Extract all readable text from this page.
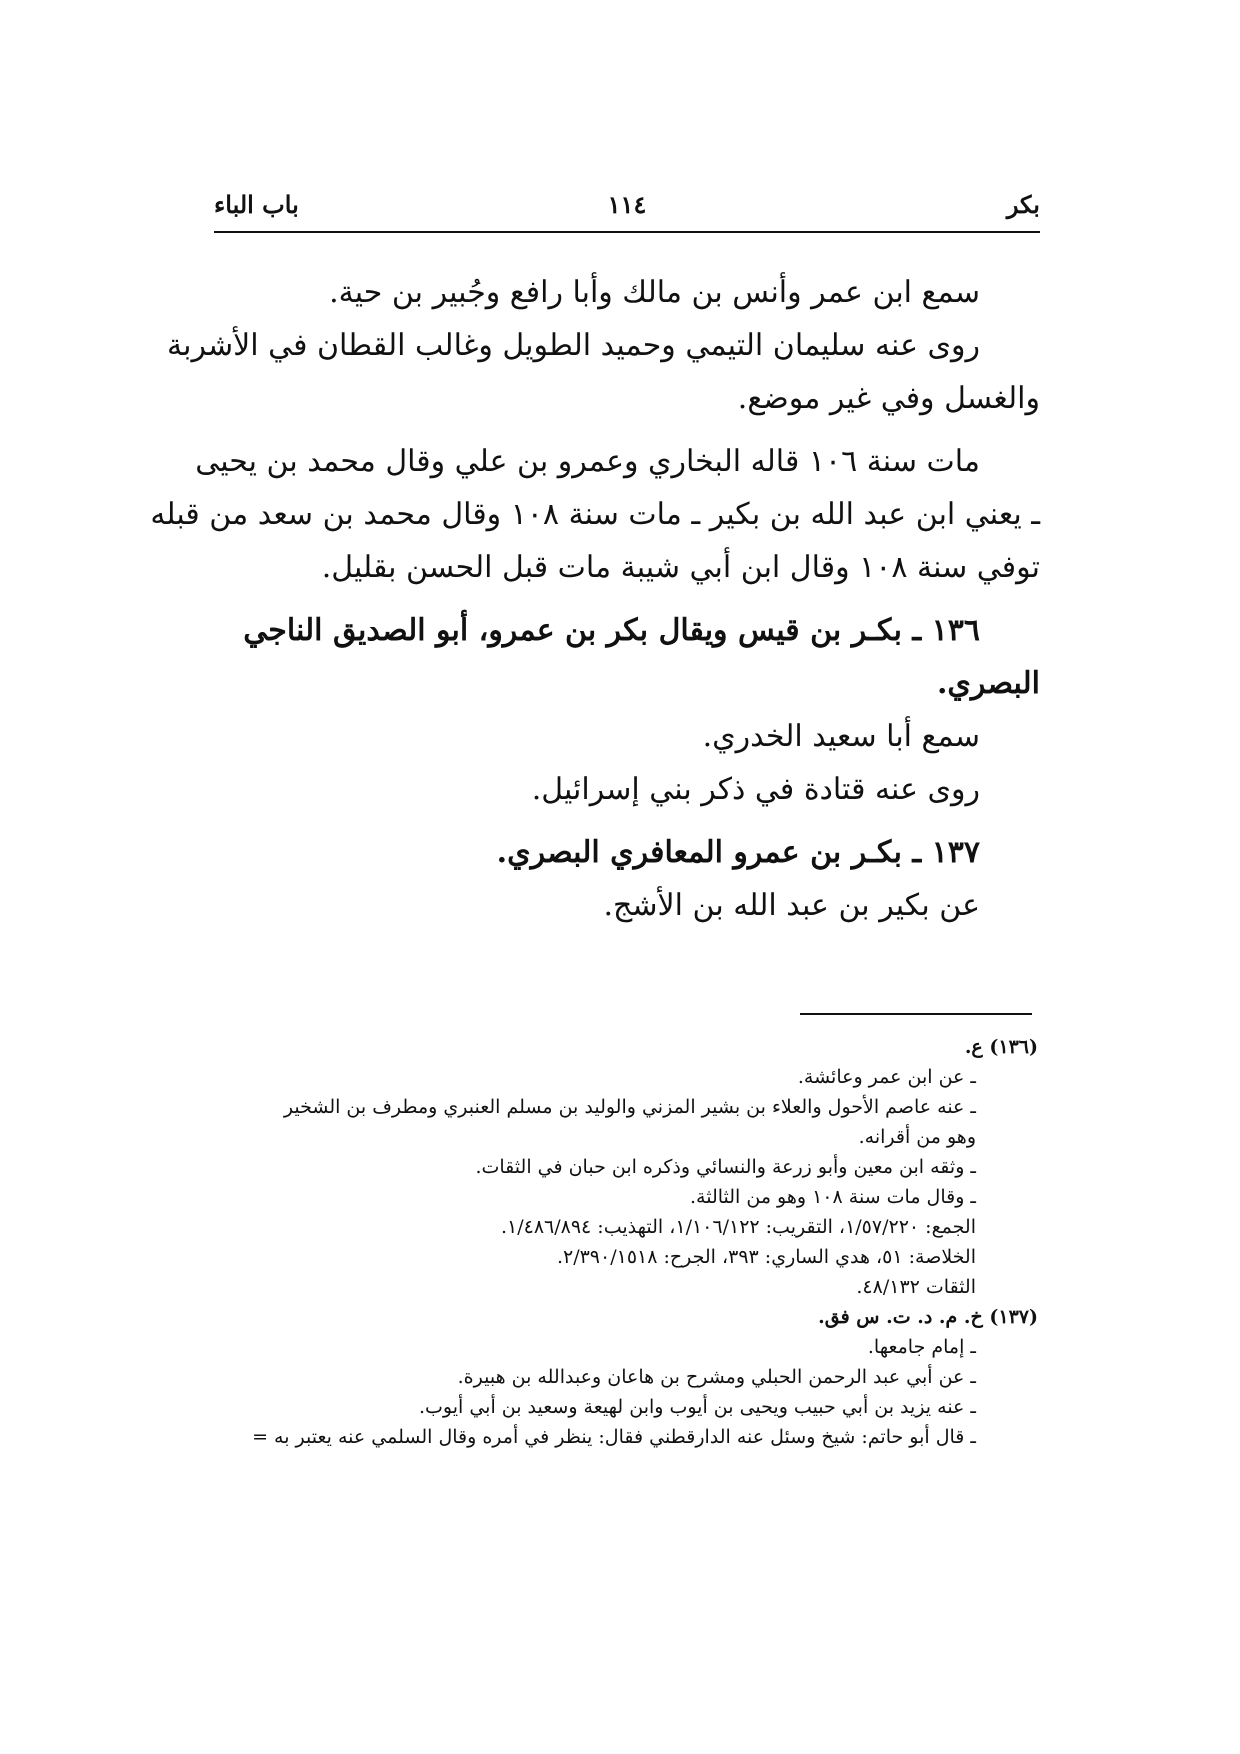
بكر
١١٤
باب الباء

سمع ابن عمر وأنس بن مالك وأبا رافع وجُبير بن حية.

روى عنه سليمان التيمي وحميد الطويل وغالب القطان في الأشربة

والغسل وفي غير موضع.

مات سنة ١٠٦ قاله البخاري وعمرو بن علي وقال محمد بن يحيى

ـ يعني ابن عبد الله بن بكير ـ مات سنة ١٠٨ وقال محمد بن سعد من قبله

توفي سنة ١٠٨ وقال ابن أبي شيبة مات قبل الحسن بقليل.

١٣٦ ـ بكـر بن قيس ويقال بكر بن عمرو، أبو الصديق الناجي

البصري.

سمع أبا سعيد الخدري.

روى عنه قتادة في ذكر بني إسرائيل.

١٣٧ ـ بكـر بن عمرو المعافري البصري.

عن بكير بن عبد الله بن الأشج.

(١٣٦) ع.

ـ عن ابن عمر وعائشة.

ـ عنه عاصم الأحول والعلاء بن بشير المزني والوليد بن مسلم العنبري ومطرف بن الشخير

وهو من أقرانه.

ـ وثقه ابن معين وأبو زرعة والنسائي وذكره ابن حبان في الثقات.

ـ وقال مات سنة ١٠٨ وهو من الثالثة.

الجمع: ١/٥٧/٢٢٠، التقريب: ١/١٠٦/١٢٢، التهذيب: ١/٤٨٦/٨٩٤.

الخلاصة: ٥١، هدي الساري: ٣٩٣، الجرح: ٢/٣٩٠/١٥١٨.

الثقات ٤٨/١٣٢.

(١٣٧) خ. م. د. ت. س فق.

ـ إمام جامعها.

ـ عن أبي عبد الرحمن الحبلي ومشرح بن هاعان وعبدالله بن هبيرة.

ـ عنه يزيد بن أبي حبيب ويحيى بن أيوب وابن لهيعة وسعيد بن أبي أيوب.

ـ قال أبو حاتم: شيخ وسئل عنه الدارقطني فقال: ينظر في أمره وقال السلمي عنه يعتبر به =
